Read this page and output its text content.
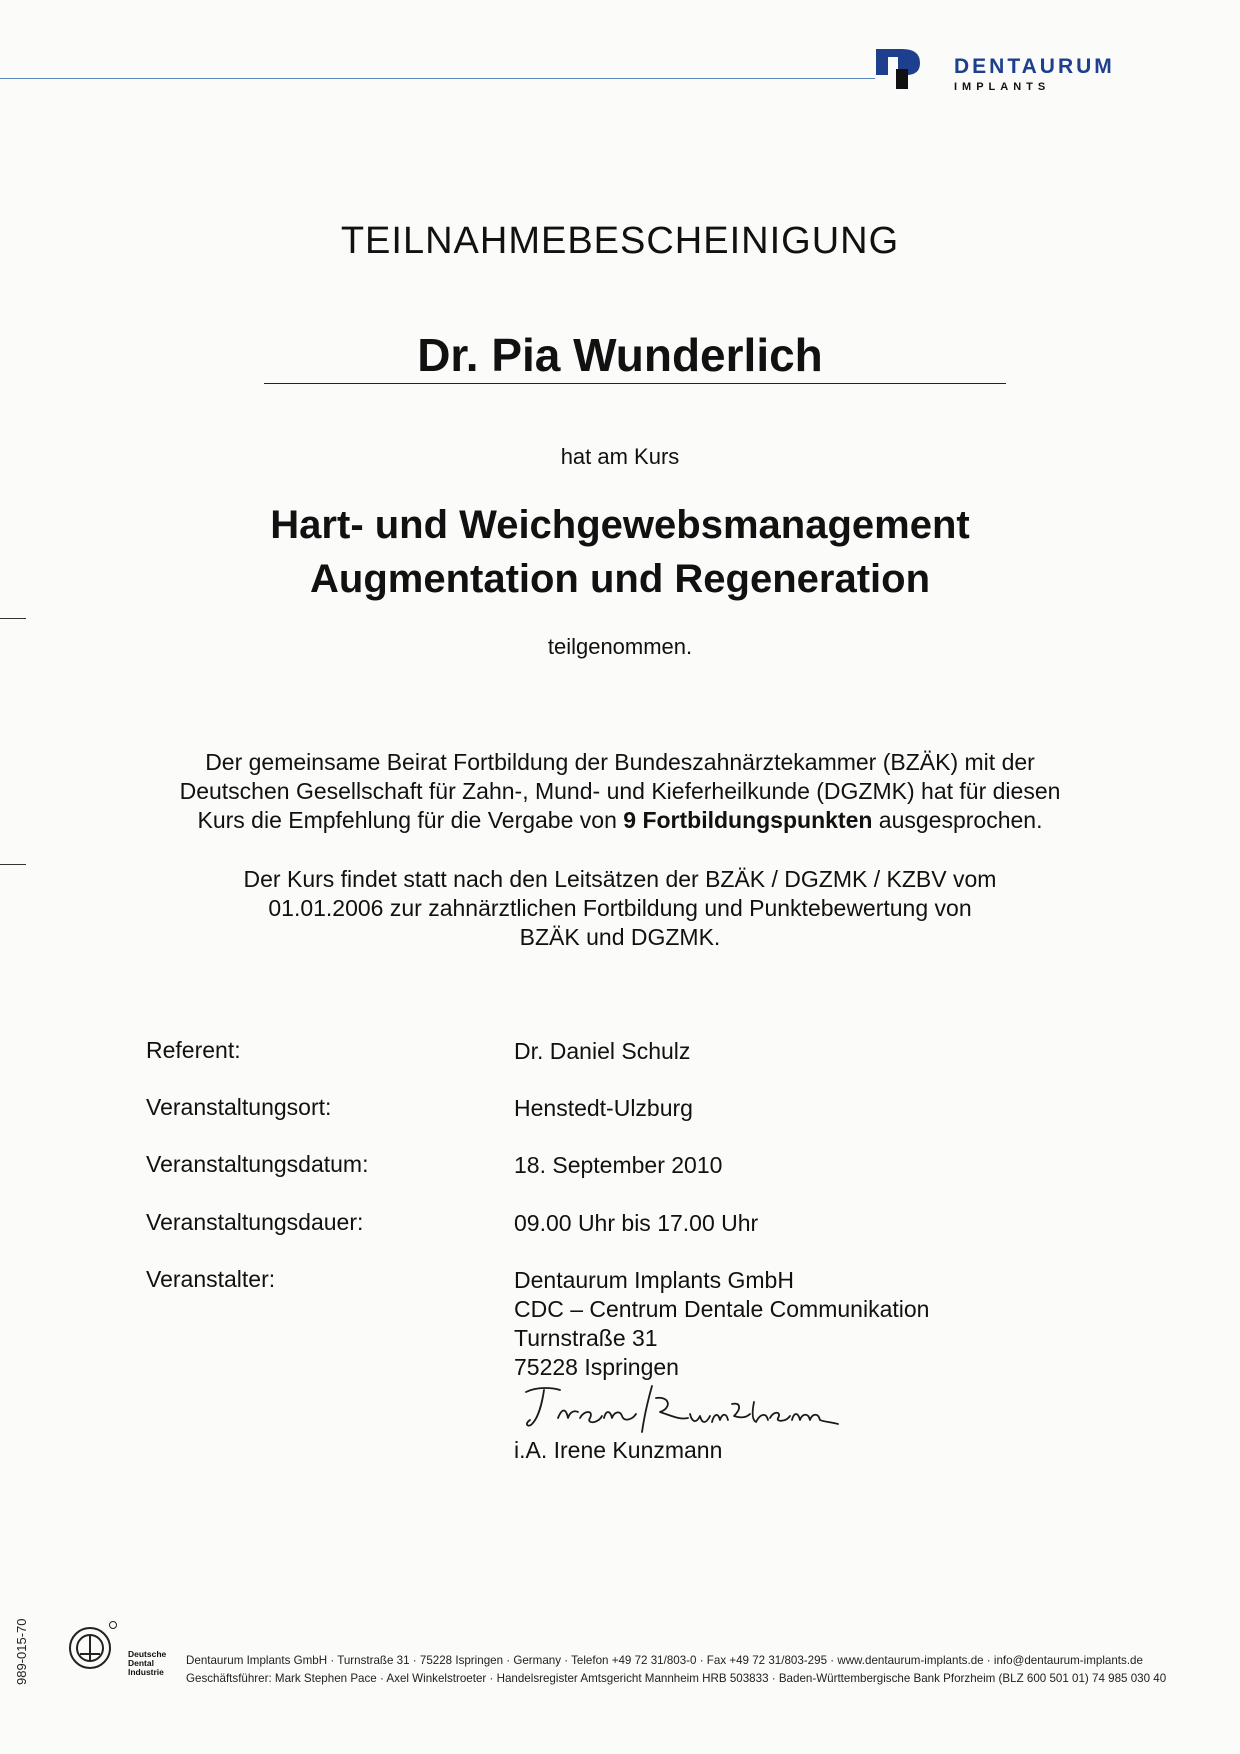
DENTAURUM
IMPLANTS
TEILNAHMEBESCHEINIGUNG
Dr. Pia Wunderlich
hat am Kurs
Hart- und Weichgewebsmanagement
Augmentation und Regeneration
teilgenommen.
Der gemeinsame Beirat Fortbildung der Bundeszahnärztekammer (BZÄK) mit der
Deutschen Gesellschaft für Zahn-, Mund- und Kieferheilkunde (DGZMK) hat für diesen
Kurs die Empfehlung für die Vergabe von 9 Fortbildungspunkten ausgesprochen.
Der Kurs findet statt nach den Leitsätzen der BZÄK / DGZMK / KZBV vom
01.01.2006 zur zahnärztlichen Fortbildung und Punktebewertung von
BZÄK und DGZMK.
Referent:	Dr. Daniel Schulz
Veranstaltungsort:	Henstedt-Ulzburg
Veranstaltungsdatum:	18. September 2010
Veranstaltungsdauer:	09.00 Uhr bis 17.00 Uhr
Veranstalter:	Dentaurum Implants GmbH
CDC – Centrum Dentale Communikation
Turnstraße 31
75228 Ispringen
i.A. Irene Kunzmann
989-015-70	Deutsche
Dental
Industrie
Dentaurum Implants GmbH · Turnstraße 31 · 75228 Ispringen · Germany · Telefon +49 72 31/803-0 · Fax +49 72 31/803-295 · www.dentaurum-implants.de · info@dentaurum-implants.de
Geschäftsführer: Mark Stephen Pace · Axel Winkelstroeter · Handelsregister Amtsgericht Mannheim HRB 503833 · Baden-Württembergische Bank Pforzheim (BLZ 600 501 01) 74 985 030 40
